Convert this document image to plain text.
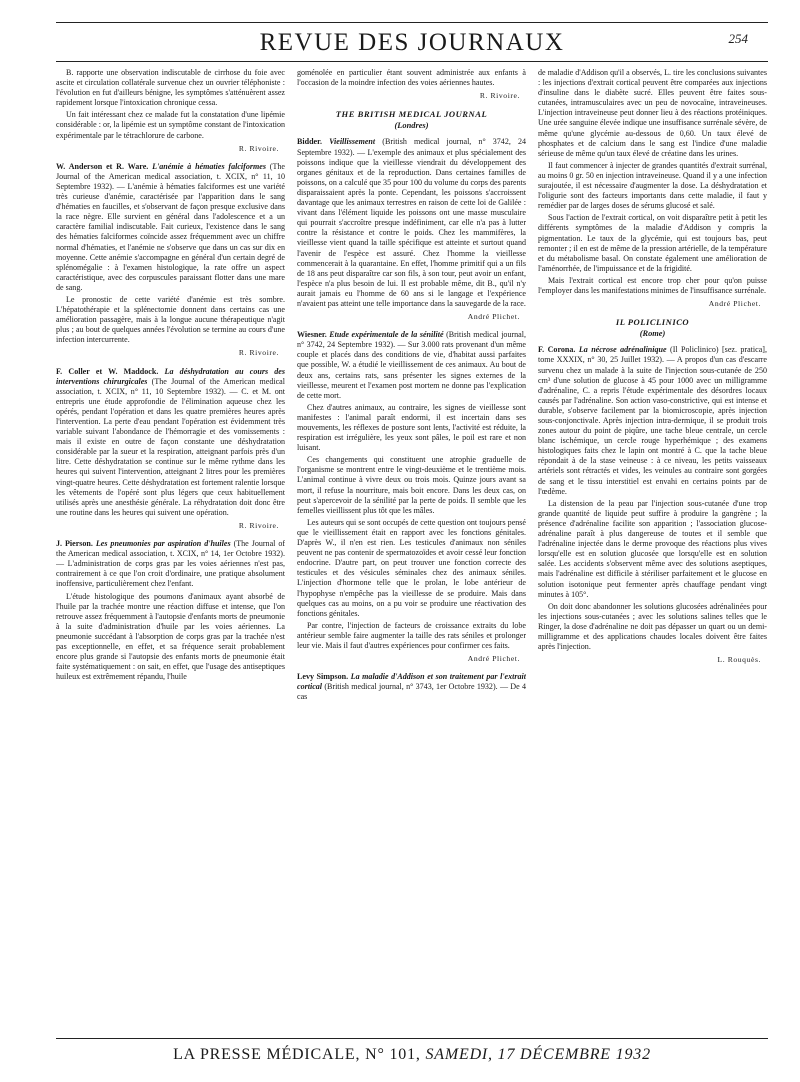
REVUE DES JOURNAUX	254

B. rapporte une observation indiscutable de cirrhose du foie avec ascite et circulation collatérale survenue chez un ouvrier téléphoniste : l'évolution en fut d'ailleurs bénigne, les symptômes s'atténuèrent assez rapidement lorsque l'intoxication chronique cessa.

Un fait intéressant chez ce malade fut la constatation d'une lipémie considérable : or, la lipémie est un symptôme constant de l'intoxication expérimentale par le tétrachlorure de carbone.

R. Rivoire.

W. Anderson et R. Ware. L'anémie à hématies falciformes (The Journal of the American medical association, t. XCIX, n° 11, 10 Septembre 1932). — L'anémie à hématies falciformes est une variété très curieuse d'anémie, caractérisée par l'apparition dans le sang d'hématies en faucilles, et s'observant de façon presque exclusive dans la race nègre. Elle survient en général dans l'adolescence et a un caractère familial indiscutable. Fait curieux, l'existence dans le sang des hématies falciformes coïncide assez fréquemment avec un chiffre normal d'hématies, et l'anémie ne s'observe que dans un cas sur dix en moyenne. Cette anémie s'accompagne en général d'un certain degré de splénomégalie : à l'examen histologique, la rate offre un aspect caractéristique, avec des corpuscules paraissant flotter dans une mare de sang.

Le pronostic de cette variété d'anémie est très sombre. L'hépatothérapie et la splénectomie donnent dans certains cas une amélioration passagère, mais à la longue aucune thérapeutique n'agit plus ; au bout de quelques années l'évolution se termine au cours d'une infection intercurrente.

R. Rivoire.

F. Coller et W. Maddock. La déshydratation au cours des interventions chirurgicales (The Journal of the American medical association, t. XCIX, n° 11, 10 Septembre 1932). — C. et M. ont entrepris une étude approfondie de l'élimination aqueuse chez les opérés, pendant l'opération et dans les quatre premières heures après l'intervention. La perte d'eau pendant l'opération est évidemment très variable suivant l'abondance de l'hémorragie et des vomissements : mais il existe en outre de façon constante une déshydratation considérable par la sueur et la respiration, atteignant parfois près d'un litre. Cette déshydratation se continue sur le même rythme dans les heures qui suivent l'intervention, atteignant 2 litres pour les premières vingt-quatre heures. Cette déshydratation est fortement ralentie lorsque les vêtements de l'opéré sont plus légers que ceux habituellement utilisés après une anesthésie générale. La réhydratation doit donc être une routine dans les heures qui suivent une opération.

R. Rivoire.

J. Pierson. Les pneumonies par aspiration d'huiles (The Journal of the American medical association, t. XCIX, n° 14, 1er Octobre 1932). — L'administration de corps gras par les voies aériennes n'est pas, contrairement à ce que l'on croit d'ordinaire, une pratique absolument inoffensive, particulièrement chez l'enfant.

L'étude histologique des poumons d'animaux ayant absorbé de l'huile par la trachée montre une réaction diffuse et intense, que l'on retrouve assez fréquemment à l'autopsie d'enfants morts de pneumonie à la suite d'administration d'huile par les voies aériennes. La pneumonie succédant à l'absorption de corps gras par la trachée n'est pas exceptionnelle, en effet, et sa fréquence serait probablement encore plus grande si l'autopsie des enfants morts de pneumonie était faite systématiquement : on sait, en effet, que l'usage des antiseptiques huileux est extrêmement répandu, l'huile

goménolée en particulier étant souvent administrée aux enfants à l'occasion de la moindre infection des voies aériennes hautes.

R. Rivoire.
THE BRITISH MEDICAL JOURNAL
(Londres)

Bidder. Vieillissement (British medical journal, n° 3742, 24 Septembre 1932). — L'exemple des animaux et plus spécialement des poissons indique que la vieillesse viendrait du développement des organes génitaux et de la reproduction. Dans certaines familles de poissons, on a calculé que 35 pour 100 du volume du corps des parents disparaissaient après la ponte. Cependant, les poissons s'accroissent davantage que les animaux terrestres en raison de cette loi de Galilée : vivant dans l'élément liquide les poissons ont une masse musculaire qui pourrait s'accroître presque indéfiniment, car elle n'a pas à lutter contre la résistance et contre le poids. Chez les mammifères, la vieillesse vient quand la taille spécifique est atteinte et surtout quand l'avenir de l'espèce est assuré. Chez l'homme la vieillesse commencerait à la quarantaine. En effet, l'homme primitif qui a un fils de 18 ans peut disparaître car son fils, à son tour, peut avoir un enfant, l'espèce n'a plus besoin de lui. Il est probable même, dit B., qu'il n'y aurait jamais eu l'homme de 60 ans si le langage et l'expérience n'avaient pas atteint une telle importance dans la sauvegarde de la race.

André Plichet.

Wiesner. Etude expérimentale de la sénilité (British medical journal, n° 3742, 24 Septembre 1932). — Sur 3.000 rats provenant d'un même couple et placés dans des conditions de vie, d'habitat aussi parfaites que possible, W. a étudié le vieillissement de ces animaux. Au bout de deux ans, certains rats, sans présenter les signes externes de la vieillesse, meurent et l'examen post mortem ne donne pas l'explication de cette mort.

Chez d'autres animaux, au contraire, les signes de vieillesse sont manifestes : l'animal paraît endormi, il est incertain dans ses mouvements, les réflexes de posture sont lents, l'activité est réduite, la respiration est irrégulière, les yeux sont pâles, le poil est rare et non luisant.

Ces changements qui constituent une atrophie graduelle de l'organisme se montrent entre le vingt-deuxième et le trentième mois. L'animal continue à vivre deux ou trois mois. Quinze jours avant sa mort, il refuse la nourriture, mais boit encore. Dans les deux cas, on peut s'apercevoir de la sénilité par la perte de poids. Il semble que les femelles vieillissent plus tôt que les mâles.

Les auteurs qui se sont occupés de cette question ont toujours pensé que le vieillissement était en rapport avec les fonctions génitales. D'après W., il n'en est rien. Les testicules d'animaux non séniles peuvent ne pas contenir de spermatozoïdes et avoir cessé leur fonction endocrine. D'autre part, on peut trouver une fonction correcte des testicules et des vésicules séminales chez des animaux séniles. L'injection d'hormone telle que le prolan, le lobe antérieur de l'hypophyse n'empêche pas la vieillesse de se produire. Mais dans quelques cas au moins, on a pu voir se produire une réactivation des fonctions génitales.

Par contre, l'injection de facteurs de croissance extraits du lobe antérieur semble faire augmenter la taille des rats séniles et prolonger leur vie. Mais il faut d'autres expériences pour confirmer ces faits.

André Plichet.

Levy Simpson. La maladie d'Addison et son traitement par l'extrait cortical (British medical journal, n° 3743, 1er Octobre 1932). — De 4 cas

de maladie d'Addison qu'il a observés, L. tire les conclusions suivantes : les injections d'extrait cortical peuvent être comparées aux injections d'insuline dans le diabète sucré. Elles peuvent être faites sous-cutanées, intramusculaires avec un peu de novocaïne, intraveineuses. L'injection intraveineuse peut donner lieu à des réactions protéiniques. Une urée sanguine élevée indique une insuffisance surrénale sévère, de même qu'une glycémie au-dessous de 0,60. Un taux élevé de phosphates et de calcium dans le sang est l'indice d'une maladie sérieuse de même qu'un taux élevé de créatine dans les urines.

Il faut commencer à injecter de grandes quantités d'extrait surrénal, au moins 0 gr. 50 en injection intraveineuse. Quand il y a une infection surajoutée, il est nécessaire d'augmenter la dose. La déshydratation et l'oligurie sont des facteurs importants dans cette maladie, il faut y remédier par de larges doses de sérums glucosé et salé.

Sous l'action de l'extrait cortical, on voit disparaître petit à petit les différents symptômes de la maladie d'Addison y compris la pigmentation. Le taux de la glycémie, qui est toujours bas, peut remonter ; il en est de même de la pression artérielle, de la température et du métabolisme basal. On constate également une amélioration de l'aménorrhée, de l'impuissance et de la frigidité.

Mais l'extrait cortical est encore trop cher pour qu'on puisse l'employer dans les manifestations minimes de l'insuffisance surrénale.

André Plichet.
IL POLICLINICO
(Rome)

F. Corona. La nécrose adrénalinique (Il Policlinico) [sez. pratica], tome XXXIX, n° 30, 25 Juillet 1932). — A propos d'un cas d'escarre survenu chez un malade à la suite de l'injection sous-cutanée de 250 cm³ d'une solution de glucose à 45 pour 1000 avec un milligramme d'adrénaline, C. a repris l'étude expérimentale des désordres locaux causés par l'adrénaline. Son action vaso-constrictive, qui est intense et durable, s'observe facilement par la biomicroscopie, après injection sous-conjonctivale. Après injection intra-dermique, il se produit trois zones autour du point de piqûre, une tache bleue centrale, un cercle blanc ischémique, un cercle rouge hyperhémique ; des examens histologiques faits chez le lapin ont montré à C. que la tache bleue répondait à de la stase veineuse : à ce niveau, les petits vaisseaux artériels sont rétractés et vides, les veinules au contraire sont gorgées de sang et le tissu interstitiel est envahi en certains points par de l'œdème.

La distension de la peau par l'injection sous-cutanée d'une trop grande quantité de liquide peut suffire à produire la gangrène ; la présence d'adrénaline facilite son apparition ; l'association glucose-adrénaline paraît à plus dangereuse de toutes et il semble que l'adrénaline injectée dans le derme provoque des réactions plus vives lorsqu'elle est en solution glucosée que lorsqu'elle est en solution salée. Les accidents s'observent même avec des solutions aseptiques, mais l'adrénaline est difficile à stériliser parfaitement et le glucose en solution isotonique peut fermenter après chauffage pendant vingt minutes à 105°.

On doit donc abandonner les solutions glucosées adrénalinées pour les injections sous-cutanées ; avec les solutions salines telles que le Ringer, la dose d'adrénaline ne doit pas dépasser un quart ou un demi-milligramme et des applications chaudes locales doivent être faites après l'injection.

L. Rouquès.
LA PRESSE MÉDICALE, N° 101, SAMEDI, 17 DÉCEMBRE 1932
